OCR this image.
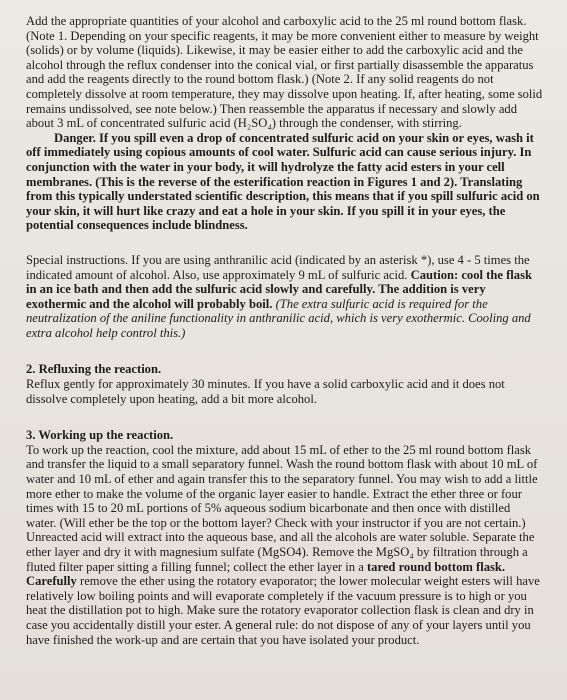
Add the appropriate quantities of your alcohol and carboxylic acid to the 25 ml round bottom flask. (Note 1. Depending on your specific reagents, it may be more convenient either to measure by weight (solids) or by volume (liquids). Likewise, it may be easier either to add the carboxylic acid and the alcohol through the reflux condenser into the conical vial, or first partially disassemble the apparatus and add the reagents directly to the round bottom flask.) (Note 2. If any solid reagents do not completely dissolve at room temperature, they may dissolve upon heating. If, after heating, some solid remains undissolved, see note below.) Then reassemble the apparatus if necessary and slowly add about 3 mL of concentrated sulfuric acid (H₂SO₄) through the condenser, with stirring.

Danger. If you spill even a drop of concentrated sulfuric acid on your skin or eyes, wash it off immediately using copious amounts of cool water. Sulfuric acid can cause serious injury. In conjunction with the water in your body, it will hydrolyze the fatty acid esters in your cell membranes. (This is the reverse of the esterification reaction in Figures 1 and 2). Translating from this typically understated scientific description, this means that if you spill sulfuric acid on your skin, it will hurt like crazy and eat a hole in your skin. If you spill it in your eyes, the potential consequences include blindness.

Special instructions. If you are using anthranilic acid (indicated by an asterisk *), use 4 - 5 times the indicated amount of alcohol. Also, use approximately 9 mL of sulfuric acid. Caution: cool the flask in an ice bath and then add the sulfuric acid slowly and carefully. The addition is very exothermic and the alcohol will probably boil. (The extra sulfuric acid is required for the neutralization of the aniline functionality in anthranilic acid, which is very exothermic. Cooling and extra alcohol help control this.)

2. Refluxing the reaction.

Reflux gently for approximately 30 minutes. If you have a solid carboxylic acid and it does not dissolve completely upon heating, add a bit more alcohol.

3. Working up the reaction.

To work up the reaction, cool the mixture, add about 15 mL of ether to the 25 ml round bottom flask and transfer the liquid to a small separatory funnel. Wash the round bottom flask with about 10 mL of water and 10 mL of ether and again transfer this to the separatory funnel. You may wish to add a little more ether to make the volume of the organic layer easier to handle. Extract the ether three or four times with 15 to 20 mL portions of 5% aqueous sodium bicarbonate and then once with distilled water. (Will ether be the top or the bottom layer? Check with your instructor if you are not certain.) Unreacted acid will extract into the aqueous base, and all the alcohols are water soluble. Separate the ether layer and dry it with magnesium sulfate (MgSO4). Remove the MgSO₄ by filtration through a fluted filter paper sitting a filling funnel; collect the ether layer in a tared round bottom flask. Carefully remove the ether using the rotatory evaporator; the lower molecular weight esters will have relatively low boiling points and will evaporate completely if the vacuum pressure is to high or you heat the distillation pot to high. Make sure the rotatory evaporator collection flask is clean and dry in case you accidentally distill your ester. A general rule: do not dispose of any of your layers until you have finished the work-up and are certain that you have isolated your product.
